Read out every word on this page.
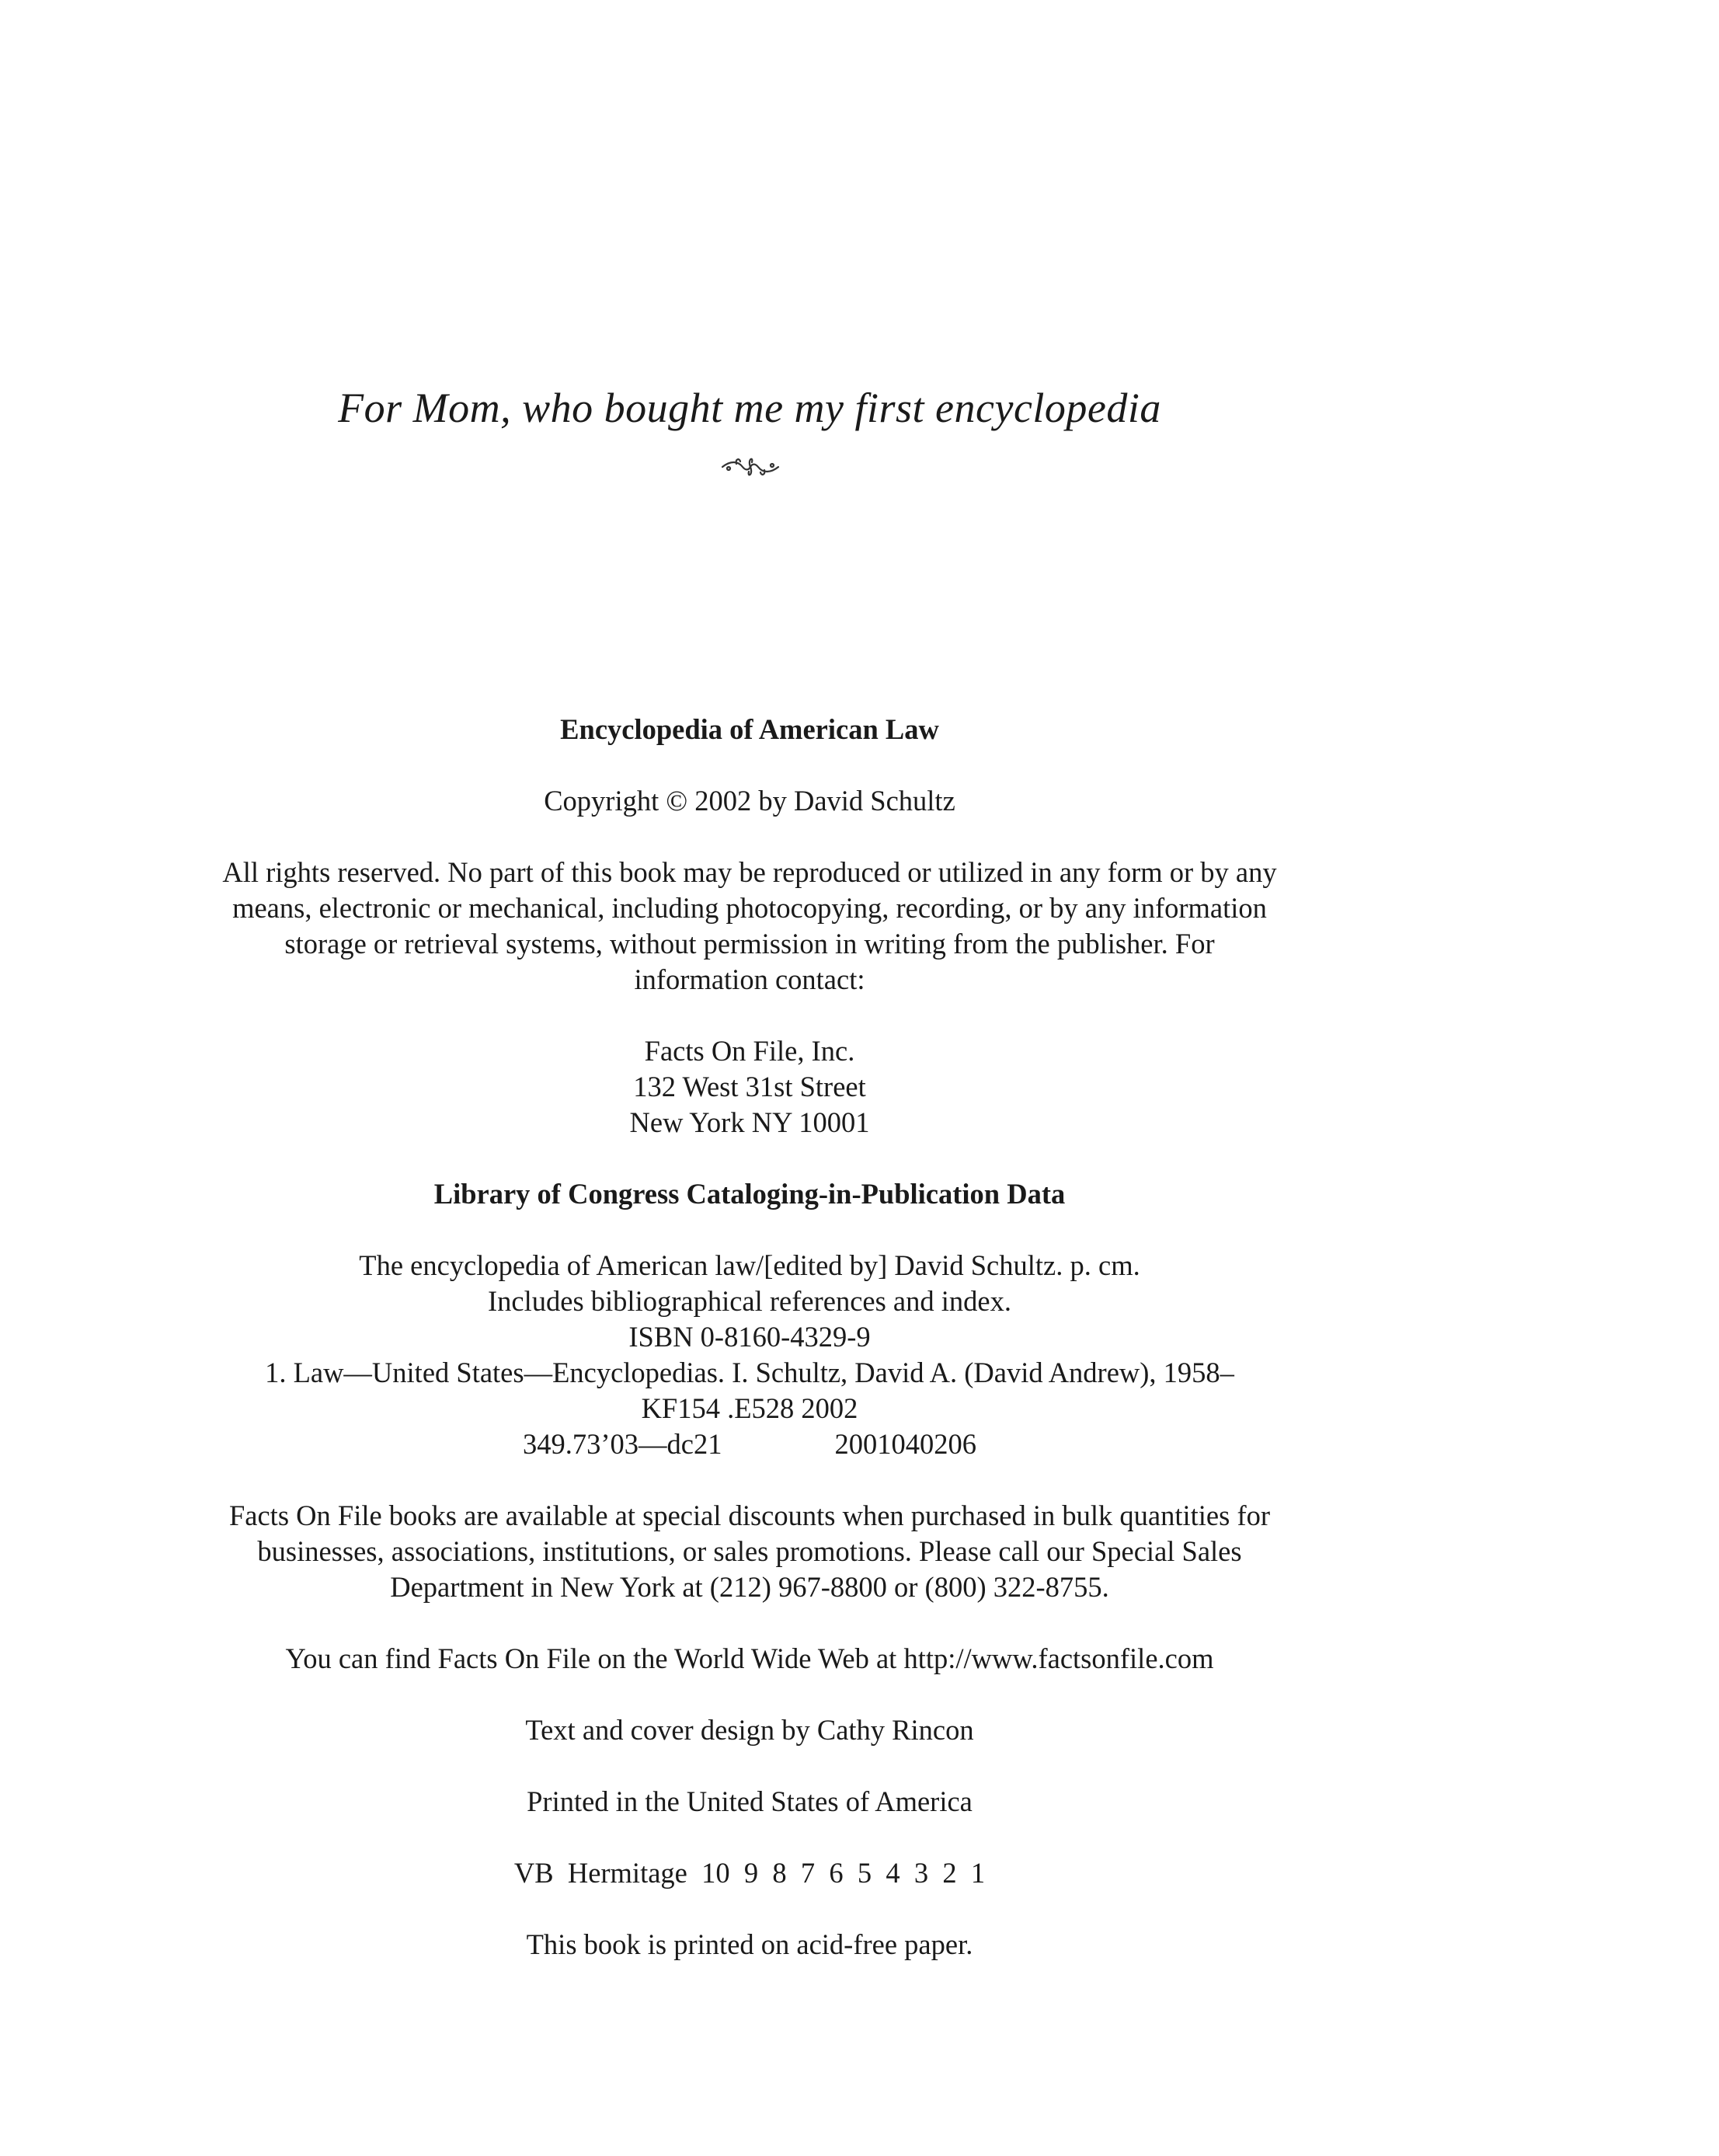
For Mom, who bought me my first encyclopedia

Encyclopedia of American Law

Copyright © 2002 by David Schultz

All rights reserved. No part of this book may be reproduced or utilized in any form or by any

means, electronic or mechanical, including photocopying, recording, or by any information

storage or retrieval systems, without permission in writing from the publisher. For

information contact:

Facts On File, Inc.

132 West 31st Street

New York NY 10001

Library of Congress Cataloging-in-Publication Data

The encyclopedia of American law/[edited by] David Schultz. p. cm.

Includes bibliographical references and index.

ISBN 0-8160-4329-9

1. Law—United States—Encyclopedias. I. Schultz, David A. (David Andrew), 1958–

KF154 .E528 2002

349.73’03—dc21	2001040206

Facts On File books are available at special discounts when purchased in bulk quantities for

businesses, associations, institutions, or sales promotions. Please call our Special Sales

Department in New York at (212) 967-8800 or (800) 322-8755.

You can find Facts On File on the World Wide Web at http://www.factsonfile.com

Text and cover design by Cathy Rincon

Printed in the United States of America

VB  Hermitage  10  9  8  7  6  5  4  3  2  1

This book is printed on acid-free paper.
